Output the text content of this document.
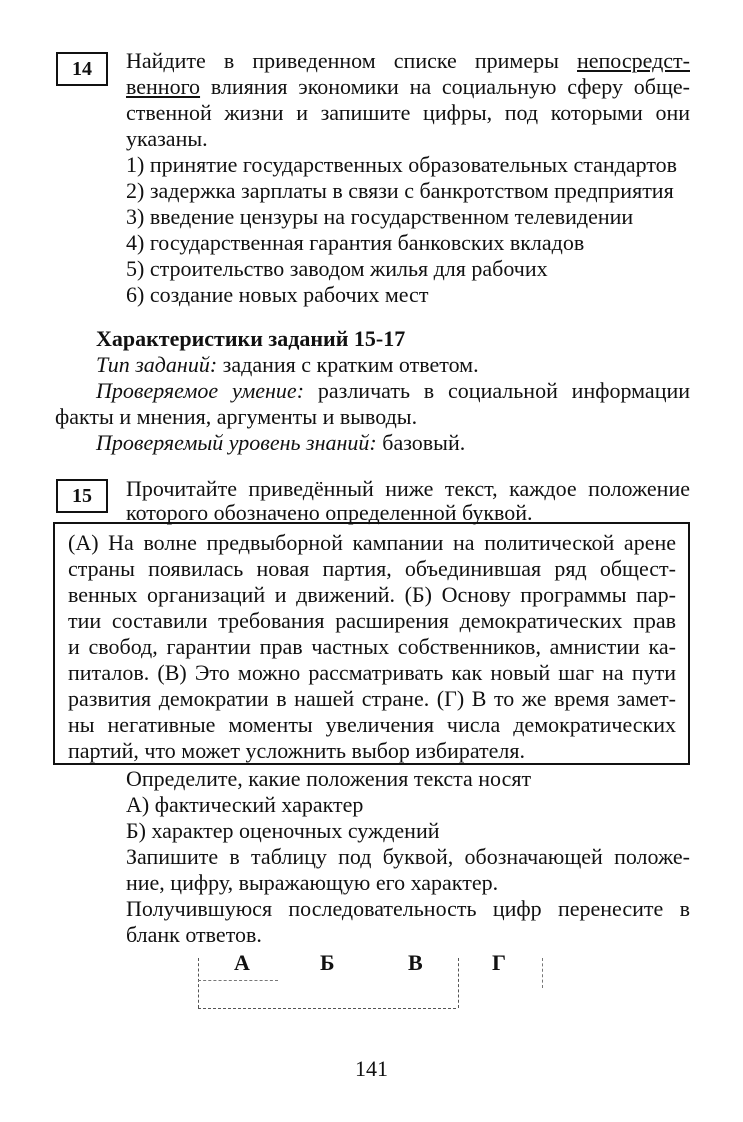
14 Найдите в приведенном списке примеры непосредст-
венного влияния экономики на социальную сферу обще-
ственной жизни и запишите цифры, под которыми они
указаны.
1) принятие государственных образовательных стандартов
2) задержка зарплаты в связи с банкротством предприятия
3) введение цензуры на государственном телевидении
4) государственная гарантия банковских вкладов
5) строительство заводом жилья для рабочих
6) создание новых рабочих мест
Характеристики заданий 15-17
Тип заданий: задания с кратким ответом.
Проверяемое умение: различать в социальной информации
факты и мнения, аргументы и выводы.
Проверяемый уровень знаний: базовый.
15 Прочитайте приведённый ниже текст, каждое положение
которого обозначено определенной буквой.
(А) На волне предвыборной кампании на политической арене
страны появилась новая партия, объединившая ряд общест-
венных организаций и движений. (Б) Основу программы пар-
тии составили требования расширения демократических прав
и свобод, гарантии прав частных собственников, амнистии ка-
питалов. (В) Это можно рассматривать как новый шаг на пути
развития демократии в нашей стране. (Г) В то же время замет-
ны негативные моменты увеличения числа демократических
партий, что может усложнить выбор избирателя.
Определите, какие положения текста носят
А) фактический характер
Б) характер оценочных суждений
Запишите в таблицу под буквой, обозначающей положе-
ние, цифру, выражающую его характер.
Получившуюся последовательность цифр перенесите в
бланк ответов.
А	Б	В	Г
141
